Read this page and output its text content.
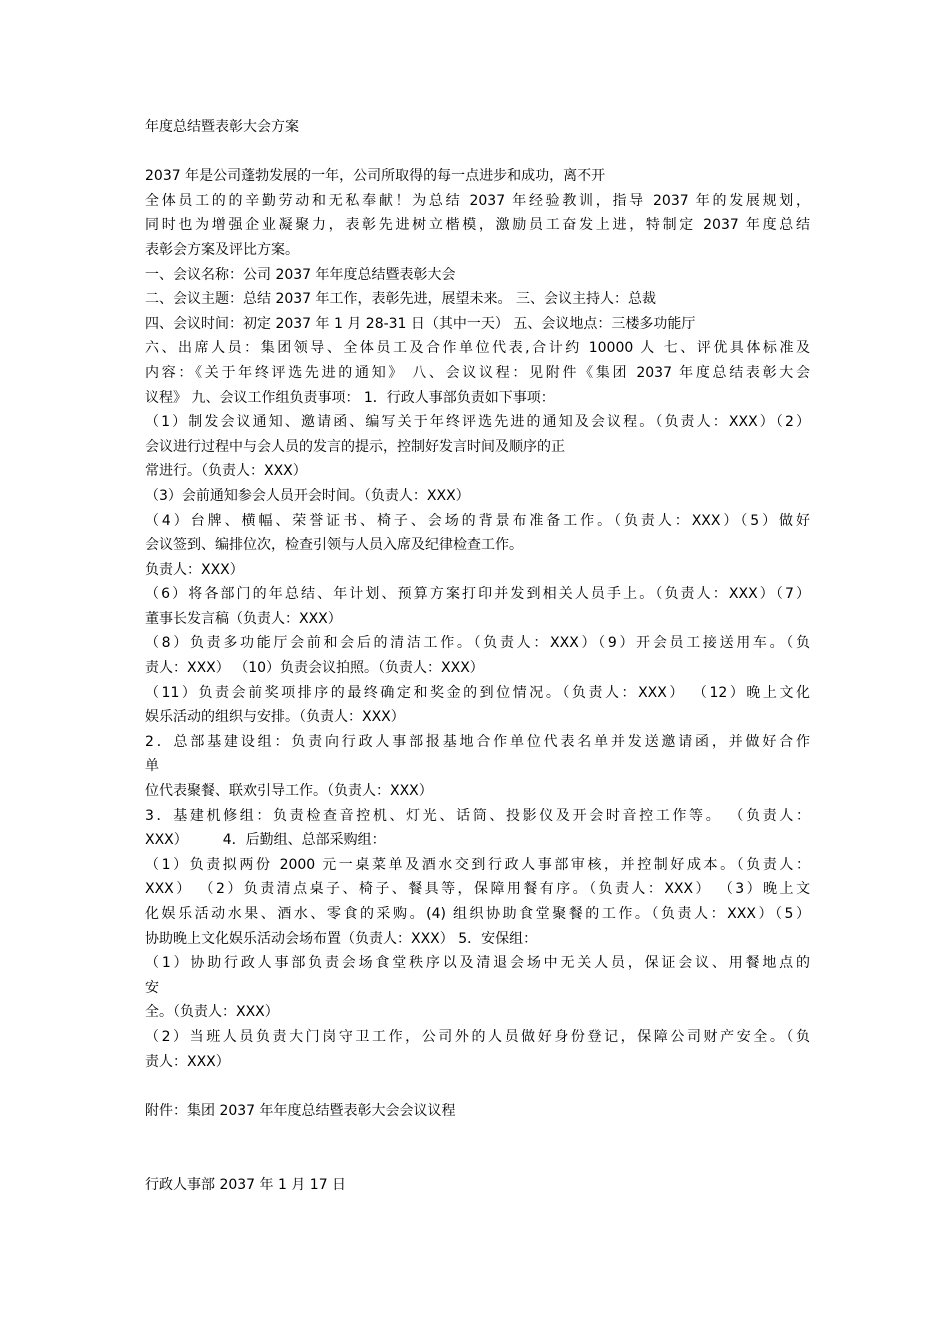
年度总结暨表彰大会方案
2037 年是公司蓬勃发展的一年，公司所取得的每一点进步和成功，离不开
全体员工的的辛勤劳动和无私奉献！为总结 2037 年经验教训，指导 2037 年的发展规划，
同时也为增强企业凝聚力，表彰先进树立楷模，激励员工奋发上进，特制定 2037 年度总结
表彰会方案及评比方案。
一、会议名称：公司 2037 年年度总结暨表彰大会
二、会议主题：总结 2037 年工作，表彰先进，展望未来。 三、会议主持人：总裁
四、会议时间：初定 2037 年 1 月 28-31 日（其中一天） 五、会议地点：三楼多功能厅
六、出席人员：集团领导、全体员工及合作单位代表,合计约 10000 人 七、评优具体标准及
内容：《关于年终评选先进的通知》 八、会议议程：见附件《集团 2037 年度总结表彰大会
议程》 九、会议工作组负责事项： 1．行政人事部负责如下事项：
（1）制发会议通知、邀请函、编写关于年终评选先进的通知及会议程。（负责人：XXX）（2）
会议进行过程中与会人员的发言的提示，控制好发言时间及顺序的正
常进行。（负责人：XXX）
（3）会前通知参会人员开会时间。（负责人：XXX）
（4）台牌、横幅、荣誉证书、椅子、会场的背景布准备工作。（负责人：XXX）（5）做好
会议签到、编排位次，检查引领与人员入席及纪律检查工作。
负责人：XXX）
（6）将各部门的年总结、年计划、预算方案打印并发到相关人员手上。（负责人：XXX）（7）
董事长发言稿（负责人：XXX）
（8）负责多功能厅会前和会后的清洁工作。（负责人：XXX）（9）开会员工接送用车。（负
责人：XXX） （10）负责会议拍照。（负责人：XXX）
（11）负责会前奖项排序的最终确定和奖金的到位情况。（负责人：XXX） （12）晚上文化
娱乐活动的组织与安排。（负责人：XXX）
2．总部基建设组：负责向行政人事部报基地合作单位代表名单并发送邀请函，并做好合作
单
位代表聚餐、联欢引导工作。（负责人：XXX）
3．基建机修组：负责检查音控机、灯光、话筒、投影仪及开会时音控工作等。 （负责人：
XXX）　　　4．后勤组、总部采购组：
（1）负责拟两份 2000 元一桌菜单及酒水交到行政人事部审核，并控制好成本。（负责人：
XXX） （2）负责清点桌子、椅子、餐具等，保障用餐有序。（负责人：XXX） （3）晚上文
化娱乐活动水果、酒水、零食的采购。(4) 组织协助食堂聚餐的工作。（负责人：XXX）（5）
协助晚上文化娱乐活动会场布置（负责人：XXX） 5．安保组：
（1）协助行政人事部负责会场食堂秩序以及清退会场中无关人员，保证会议、用餐地点的
安
全。（负责人：XXX）
（2）当班人员负责大门岗守卫工作，公司外的人员做好身份登记，保障公司财产安全。（负
责人：XXX）
附件：集团 2037 年年度总结暨表彰大会会议议程
行政人事部 2037 年 1 月 17 日
